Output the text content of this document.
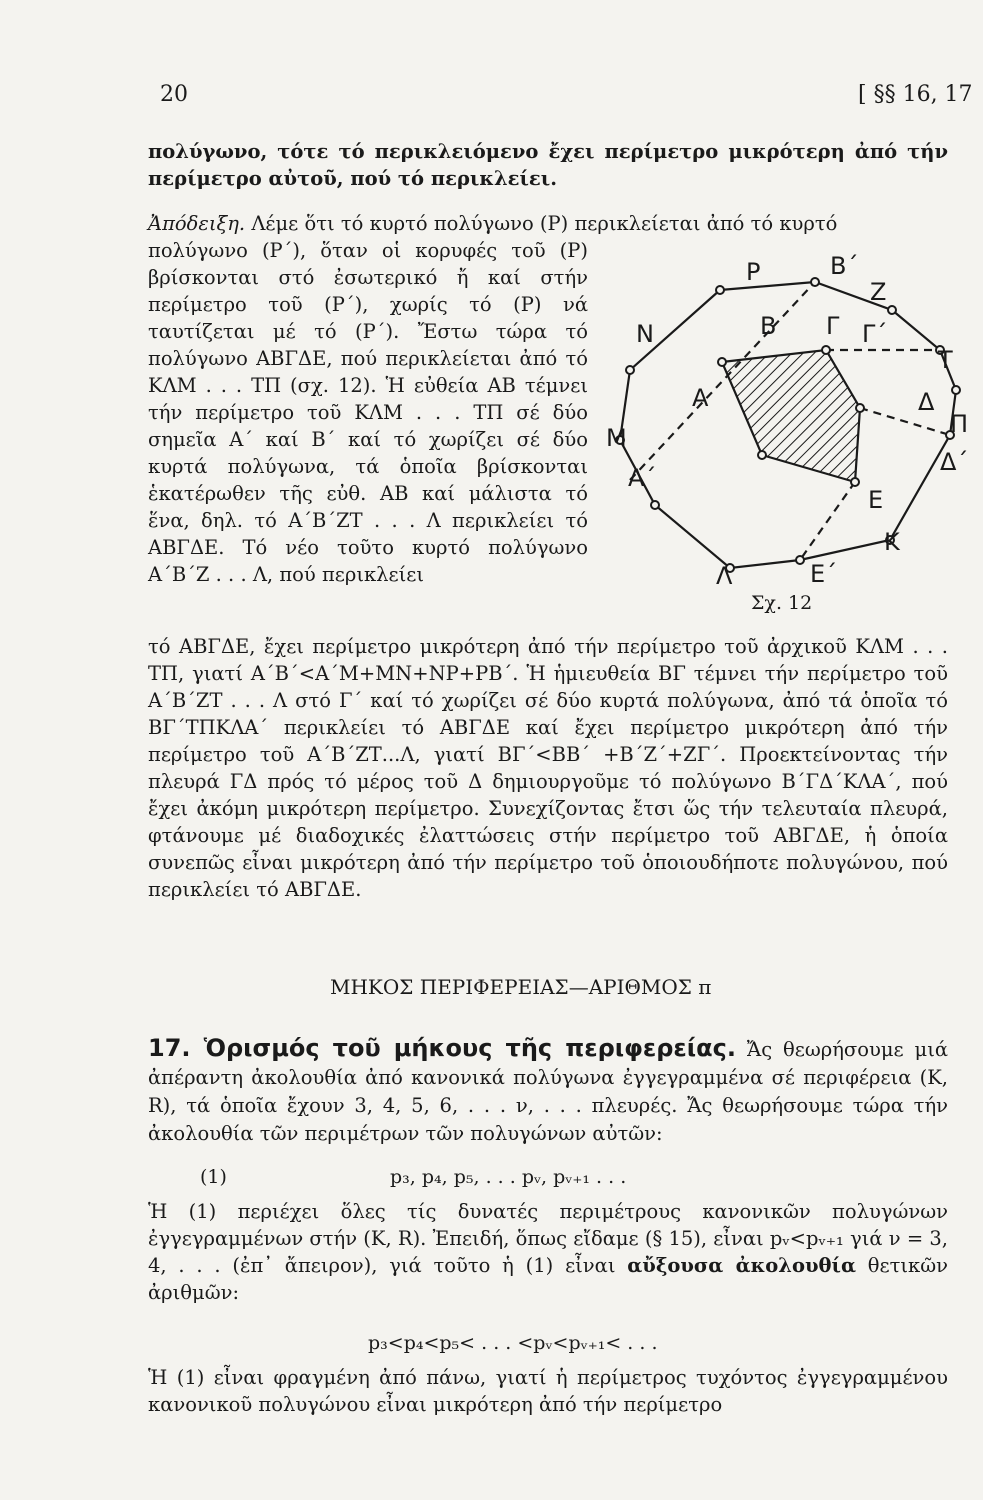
20	[ §§ 16, 17

πολύγωνο, τότε τό περικλειόμενο ἔχει περίμετρο μικρότερη ἀπό τήν περίμετρο αὐτοῦ, πού τό περικλείει.

Ἀπόδειξη. Λέμε ὅτι τό κυρτό πολύγωνο (P) περικλείεται ἀπό τό κυρτό

πολύγωνο (P΄), ὅταν οἱ κορυφές τοῦ (P) βρίσκονται στό ἐσωτερικό ἤ καί στήν περίμετρο τοῦ (P΄), χωρίς τό (P) νά ταυτίζεται μέ τό (P΄). Ἔστω τώρα τό πολύγωνο ΑΒΓΔΕ, πού περικλείεται ἀπό τό ΚΛΜ . . . ΤΠ (σχ. 12). Ἡ εὐθεία ΑΒ τέμνει τήν περίμετρο τοῦ ΚΛΜ . . . ΤΠ σέ δύο σημεῖα Α΄ καί Β΄ καί τό χωρίζει σέ δύο κυρτά πολύγωνα, τά ὁποῖα βρίσκονται ἑκατέρωθεν τῆς εὐθ. ΑΒ καί μάλιστα τό ἕνα, δηλ. τό Α΄Β΄ΖΤ . . . Λ περικλείει τό ΑΒΓΔΕ. Τό νέο τοῦτο κυρτό πολύγωνο Α΄Β΄Ζ . . . Λ, πού περικλείει

P	B΄
Z
Γ΄
T
N	B Γ
A	Δ
Π
M
A΄
Δ΄
E
K
Λ	E΄
Σχ. 12

τό ΑΒΓΔΕ, ἔχει περίμετρο μικρότερη ἀπό τήν περίμετρο τοῦ ἀρχικοῦ ΚΛΜ . . . ΤΠ, γιατί Α΄Β΄<Α΄Μ+ΜΝ+ΝΡ+ΡΒ΄. Ἡ ἡμιευθεία ΒΓ τέμνει τήν περίμετρο τοῦ Α΄Β΄ΖΤ . . . Λ στό Γ΄ καί τό χωρίζει σέ δύο κυρτά πολύγωνα, ἀπό τά ὁποῖα τό ΒΓ΄ΤΠΚΛΑ΄ περικλείει τό ΑΒΓΔΕ καί ἔχει περίμετρο μικρότερη ἀπό τήν περίμετρο τοῦ Α΄Β΄ΖΤ...Λ, γιατί ΒΓ΄<ΒΒ΄ +Β΄Ζ΄+ΖΓ΄. Προεκτείνοντας τήν πλευρά ΓΔ πρός τό μέρος τοῦ Δ δημιουργοῦμε τό πολύγωνο Β΄ΓΔ΄ΚΛΑ΄, πού ἔχει ἀκόμη μικρότερη περίμετρο. Συνεχίζοντας ἔτσι ὥς τήν τελευταία πλευρά, φτάνουμε μέ διαδοχικές ἐλαττώσεις στήν περίμετρο τοῦ ΑΒΓΔΕ, ἡ ὁποία συνεπῶς εἶναι μικρότερη ἀπό τήν περίμετρο τοῦ ὁποιουδήποτε πολυγώνου, πού περικλείει τό ΑΒΓΔΕ.

ΜΗΚΟΣ ΠΕΡΙΦΕΡΕΙΑΣ—ΑΡΙΘΜΟΣ π

17. Ὁρισμός τοῦ μήκους τῆς περιφερείας. Ἄς θεωρήσουμε μιά ἀπέραντη ἀκολουθία ἀπό κανονικά πολύγωνα ἐγγεγραμμένα σέ περιφέρεια (Κ, R), τά ὁποῖα ἔχουν 3, 4, 5, 6, . . . ν, . . . πλευρές. Ἄς θεωρήσουμε τώρα τήν ἀκολουθία τῶν περιμέτρων τῶν πολυγώνων αὐτῶν:

(1)	p₃, p₄, p₅, . . . pᵥ, pᵥ₊₁ . . .

Ἡ (1) περιέχει ὅλες τίς δυνατές περιμέτρους κανονικῶν πολυγώνων ἐγγεγραμμένων στήν (Κ, R). Ἐπειδή, ὅπως εἴδαμε (§ 15), εἶναι pᵥ<pᵥ₊₁ γιά ν = 3, 4, . . . (ἐπ᾽ ἄπειρον), γιά τοῦτο ἡ (1) εἶναι αὔξουσα ἀκολουθία θετικῶν ἀριθμῶν:

p₃<p₄<p₅< . . . <pᵥ<pᵥ₊₁< . . .

Ἡ (1) εἶναι φραγμένη ἀπό πάνω, γιατί ἡ περίμετρος τυχόντος ἐγγεγραμμένου κανονικοῦ πολυγώνου εἶναι μικρότερη ἀπό τήν περίμετρο
